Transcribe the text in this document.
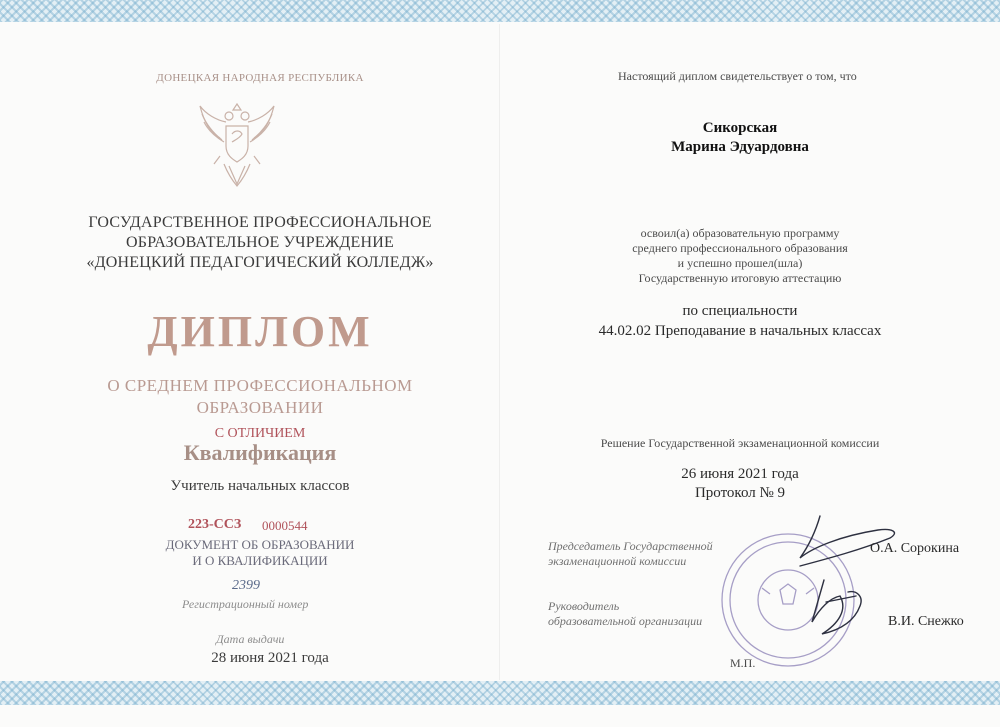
ДОНЕЦКАЯ НАРОДНАЯ РЕСПУБЛИКА

ГОСУДАРСТВЕННОЕ ПРОФЕССИОНАЛЬНОЕ

ОБРАЗОВАТЕЛЬНОЕ УЧРЕЖДЕНИЕ

«ДОНЕЦКИЙ ПЕДАГОГИЧЕСКИЙ КОЛЛЕДЖ»

ДИПЛОМ

О СРЕДНЕМ ПРОФЕССИОНАЛЬНОМ

ОБРАЗОВАНИИ

С ОТЛИЧИЕМ

Квалификация

Учитель начальных классов

223-ССЗ 0000544

ДОКУМЕНТ ОБ ОБРАЗОВАНИИ

И О КВАЛИФИКАЦИИ

2399

Регистрационный номер

Дата выдачи

28 июня 2021 года

Настоящий диплом свидетельствует о том, что

Сикорская

Марина Эдуардовна

освоил(а) образовательную программу

среднего профессионального образования

и успешно прошел(шла)

Государственную итоговую аттестацию

по специальности

44.02.02 Преподавание в начальных классах

Решение Государственной экзаменационной комиссии

26 июня 2021 года

Протокол № 9

Председатель Государственной

экзаменационной комиссии

О.А. Сорокина

Руководитель

образовательной организации	В.И. Снежко

М.П.
